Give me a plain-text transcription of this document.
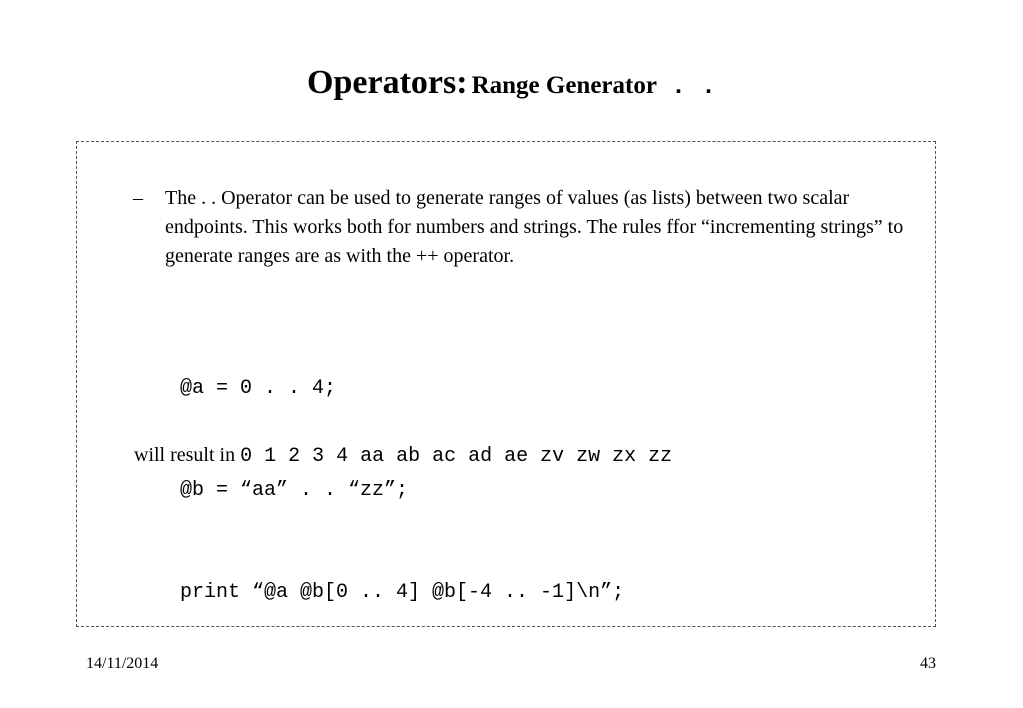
Operators: Range Generator . .
– The . . Operator can be used to generate ranges of values (as lists) between two scalar endpoints. This works both for numbers and strings. The rules ffor “incrementing strings” to generate ranges are as with the ++ operator.

@a = 0 . . 4;

@b = “aa” . . “zz”;

print “@a @b[0 .. 4] @b[-4 .. -1]\n”;

will result in 0 1 2 3 4 aa ab ac ad ae zv zw zx zz
14/11/2014	43
